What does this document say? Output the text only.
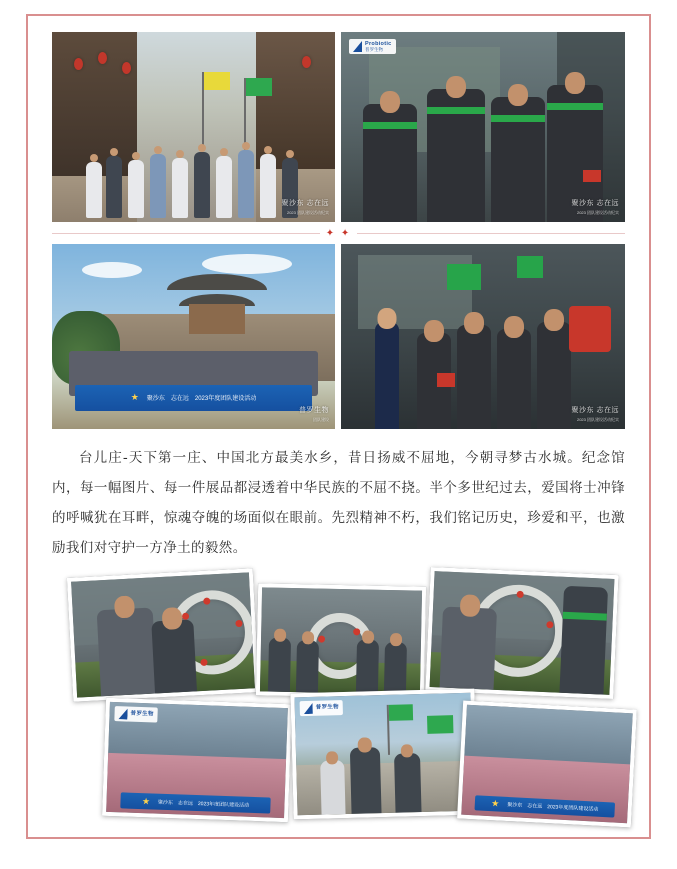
聚沙东 志在远
2023 团队建设活动纪实
Probiotic
普罗生物
聚沙东 志在远
2023 团队建设活动纪实
✦ ✦
★ 聚沙东　志在远　2023年度团队建设活动
普罗生物
团队建设
聚沙东 志在远
2023 团队建设活动纪实

台儿庄‑天下第一庄、中国北方最美水乡，昔日扬威不屈地，今朝寻梦古水城。纪念馆内，每一幅图片、每一件展品都浸透着中华民族的不屈不挠。半个多世纪过去，爱国将士冲锋的呼喊犹在耳畔，惊魂夺魄的场面似在眼前。先烈精神不朽，我们铭记历史，珍爱和平，也激励我们对守护一方净土的毅然。

普罗生物
★ 聚沙东　志在远　2023年度团队建设活动
普罗生物
★ 聚沙东　志在远　2023年度团队建设活动
